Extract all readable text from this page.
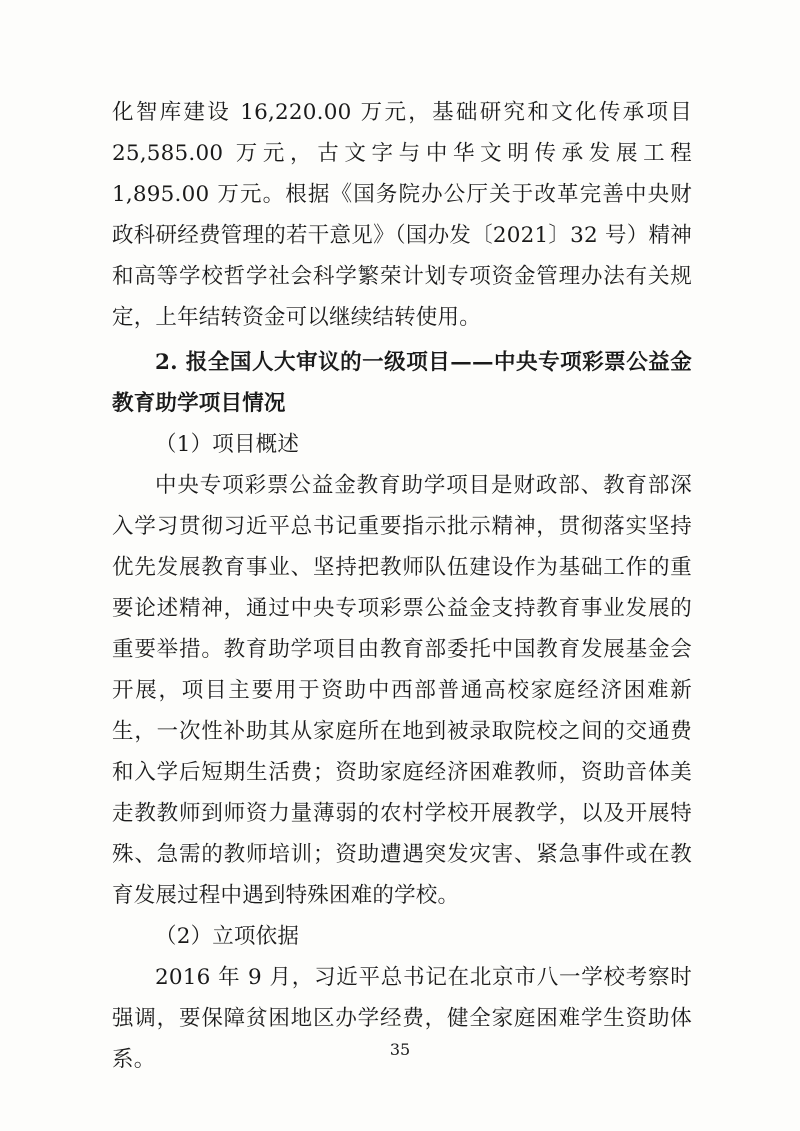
化智库建设 16,220.00 万元，基础研究和文化传承项目 25,585.00 万元，古文字与中华文明传承发展工程 1,895.00 万元。根据《国务院办公厅关于改革完善中央财政科研经费管理的若干意见》（国办发〔2021〕32 号）精神和高等学校哲学社会科学繁荣计划专项资金管理办法有关规定，上年结转资金可以继续结转使用。

2. 报全国人大审议的一级项目——中央专项彩票公益金教育助学项目情况

（1）项目概述

中央专项彩票公益金教育助学项目是财政部、教育部深入学习贯彻习近平总书记重要指示批示精神，贯彻落实坚持优先发展教育事业、坚持把教师队伍建设作为基础工作的重要论述精神，通过中央专项彩票公益金支持教育事业发展的重要举措。教育助学项目由教育部委托中国教育发展基金会开展，项目主要用于资助中西部普通高校家庭经济困难新生，一次性补助其从家庭所在地到被录取院校之间的交通费和入学后短期生活费；资助家庭经济困难教师，资助音体美走教教师到师资力量薄弱的农村学校开展教学，以及开展特殊、急需的教师培训；资助遭遇突发灾害、紧急事件或在教育发展过程中遇到特殊困难的学校。

（2）立项依据

2016 年 9 月，习近平总书记在北京市八一学校考察时强调，要保障贫困地区办学经费，健全家庭困难学生资助体系。	35
